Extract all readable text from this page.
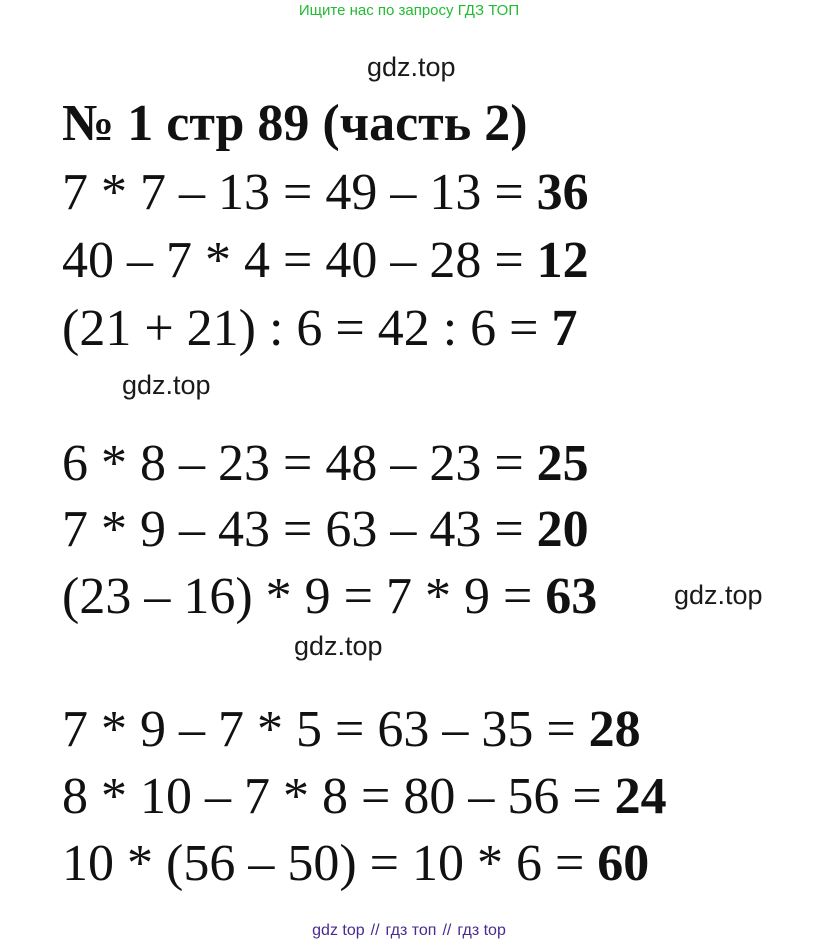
Ищите нас по запросу ГДЗ ТОП
gdz.top
№ 1 стр 89 (часть 2)
7 * 7 – 13 = 49 – 13 = 36
40 – 7 * 4 = 40 – 28 = 12
(21 + 21) : 6 = 42 : 6 = 7
gdz.top
6 * 8 – 23 = 48 – 23 = 25
7 * 9 – 43 = 63 – 43 = 20
(23 – 16) * 9 = 7 * 9 = 63	gdz.top
gdz.top
7 * 9 – 7 * 5 = 63 – 35 = 28
8 * 10 – 7 * 8 = 80 – 56 = 24
10 * (56 – 50) = 10 * 6 = 60
gdz top // гдз топ // гдз top
